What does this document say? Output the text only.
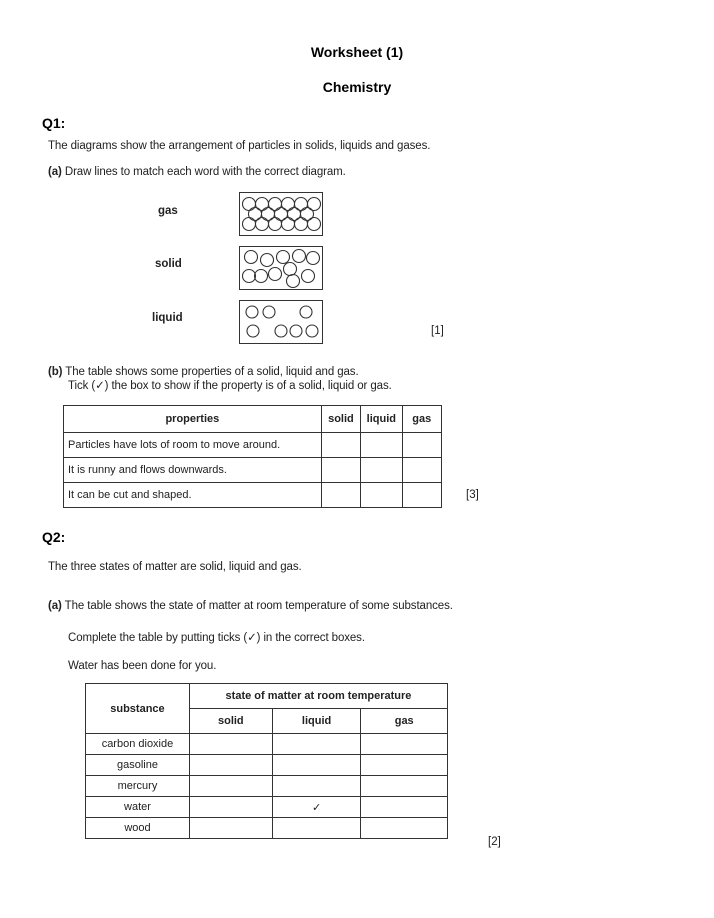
Worksheet (1)
Chemistry
Q1:
The diagrams show the arrangement of particles in solids, liquids and gases.
(a) Draw lines to match each word with the correct diagram.
gas
solid
liquid
[1]
(b) The table shows some properties of a solid, liquid and gas.
Tick (✓) the box to show if the property is of a solid, liquid or gas.
properties	solid	liquid	gas
Particles have lots of room to move around.			
It is runny and flows downwards.			
It can be cut and shaped.				[3]
Q2:
The three states of matter are solid, liquid and gas.
(a) The table shows the state of matter at room temperature of some substances.
Complete the table by putting ticks (✓) in the correct boxes.
Water has been done for you.
substance	state of matter at room temperature		
	solid	liquid	gas
carbon dioxide			
gasoline			
mercury			
water		✓	
wood			
[2]
